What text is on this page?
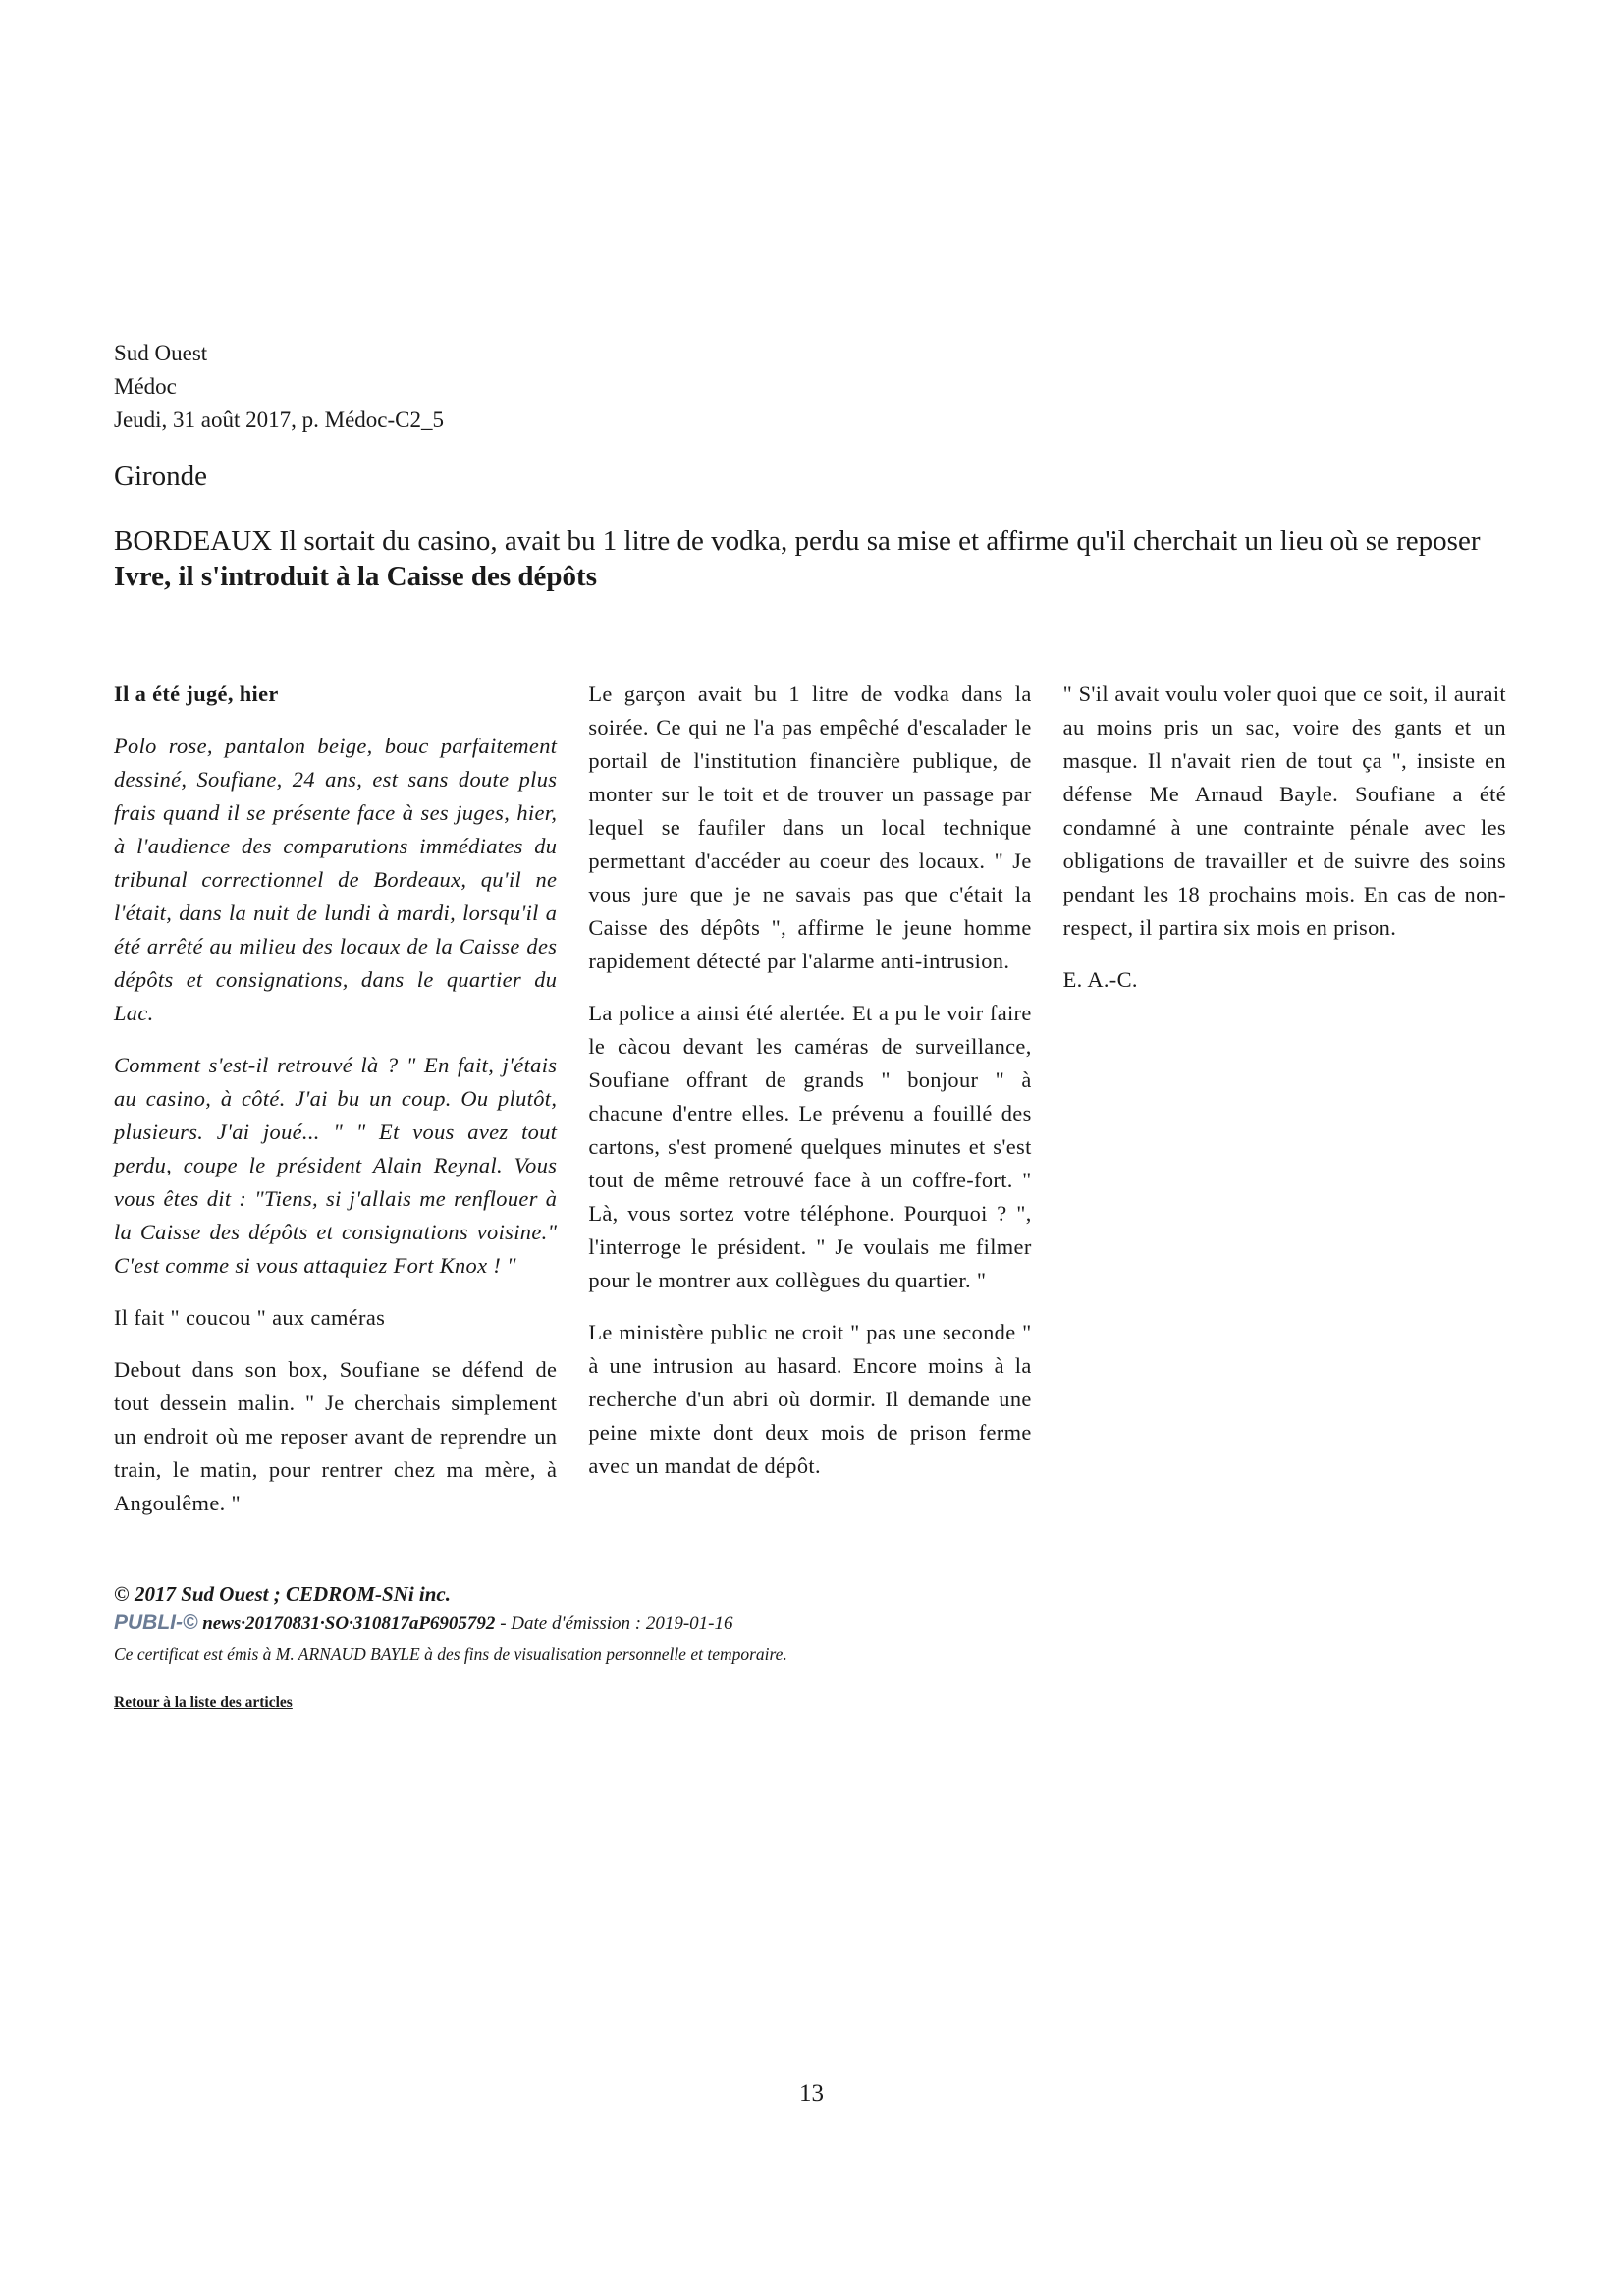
Sud Ouest

Médoc

Jeudi, 31 août 2017, p. Médoc-C2_5

Gironde

BORDEAUX Il sortait du casino, avait bu 1 litre de vodka, perdu sa mise et affirme qu'il cherchait un lieu où se reposer

Ivre, il s'introduit à la Caisse des dépôts

Il a été jugé, hier

Polo rose, pantalon beige, bouc parfaitement dessiné, Soufiane, 24 ans, est sans doute plus frais quand il se présente face à ses juges, hier, à l'audience des comparutions immédiates du tribunal correctionnel de Bordeaux, qu'il ne l'était, dans la nuit de lundi à mardi, lorsqu'il a été arrêté au milieu des locaux de la Caisse des dépôts et consignations, dans le quartier du Lac.

Comment s'est-il retrouvé là ? " En fait, j'étais au casino, à côté. J'ai bu un coup. Ou plutôt, plusieurs. J'ai joué... " " Et vous avez tout perdu, coupe le président Alain Reynal. Vous vous êtes dit : "Tiens, si j'allais me renflouer à la Caisse des dépôts et consignations voisine." C'est comme si vous attaquiez Fort Knox ! "

Il fait " coucou " aux caméras

Debout dans son box, Soufiane se défend de tout dessein malin. " Je cherchais simplement un endroit où me reposer avant de reprendre un train, le matin, pour rentrer chez ma mère, à Angoulême. "

Le garçon avait bu 1 litre de vodka dans la soirée. Ce qui ne l'a pas empêché d'escalader le portail de l'institution financière publique, de monter sur le toit et de trouver un passage par lequel se faufiler dans un local technique permettant d'accéder au coeur des locaux. " Je vous jure que je ne savais pas que c'était la Caisse des dépôts ", affirme le jeune homme rapidement détecté par l'alarme anti-intrusion.

La police a ainsi été alertée. Et a pu le voir faire le càcou devant les caméras de surveillance, Soufiane offrant de grands " bonjour " à chacune d'entre elles. Le prévenu a fouillé des cartons, s'est promené quelques minutes et s'est tout de même retrouvé face à un coffre-fort. " Là, vous sortez votre téléphone. Pourquoi ? ", l'interroge le président. " Je voulais me filmer pour le montrer aux collègues du quartier. "

Le ministère public ne croit " pas une seconde " à une intrusion au hasard. Encore moins à la recherche d'un abri où dormir. Il demande une peine mixte dont deux mois de prison ferme avec un mandat de dépôt.

" S'il avait voulu voler quoi que ce soit, il aurait au moins pris un sac, voire des gants et un masque. Il n'avait rien de tout ça ", insiste en défense Me Arnaud Bayle. Soufiane a été condamné à une contrainte pénale avec les obligations de travailler et de suivre des soins pendant les 18 prochains mois. En cas de non-respect, il partira six mois en prison.

E. A.-C.

© 2017 Sud Ouest ; CEDROM-SNi inc.

PUBLI-© news·20170831·SO·310817aP6905792 - Date d'émission : 2019-01-16

Ce certificat est émis à M. ARNAUD BAYLE à des fins de visualisation personnelle et temporaire.

Retour à la liste des articles
13
